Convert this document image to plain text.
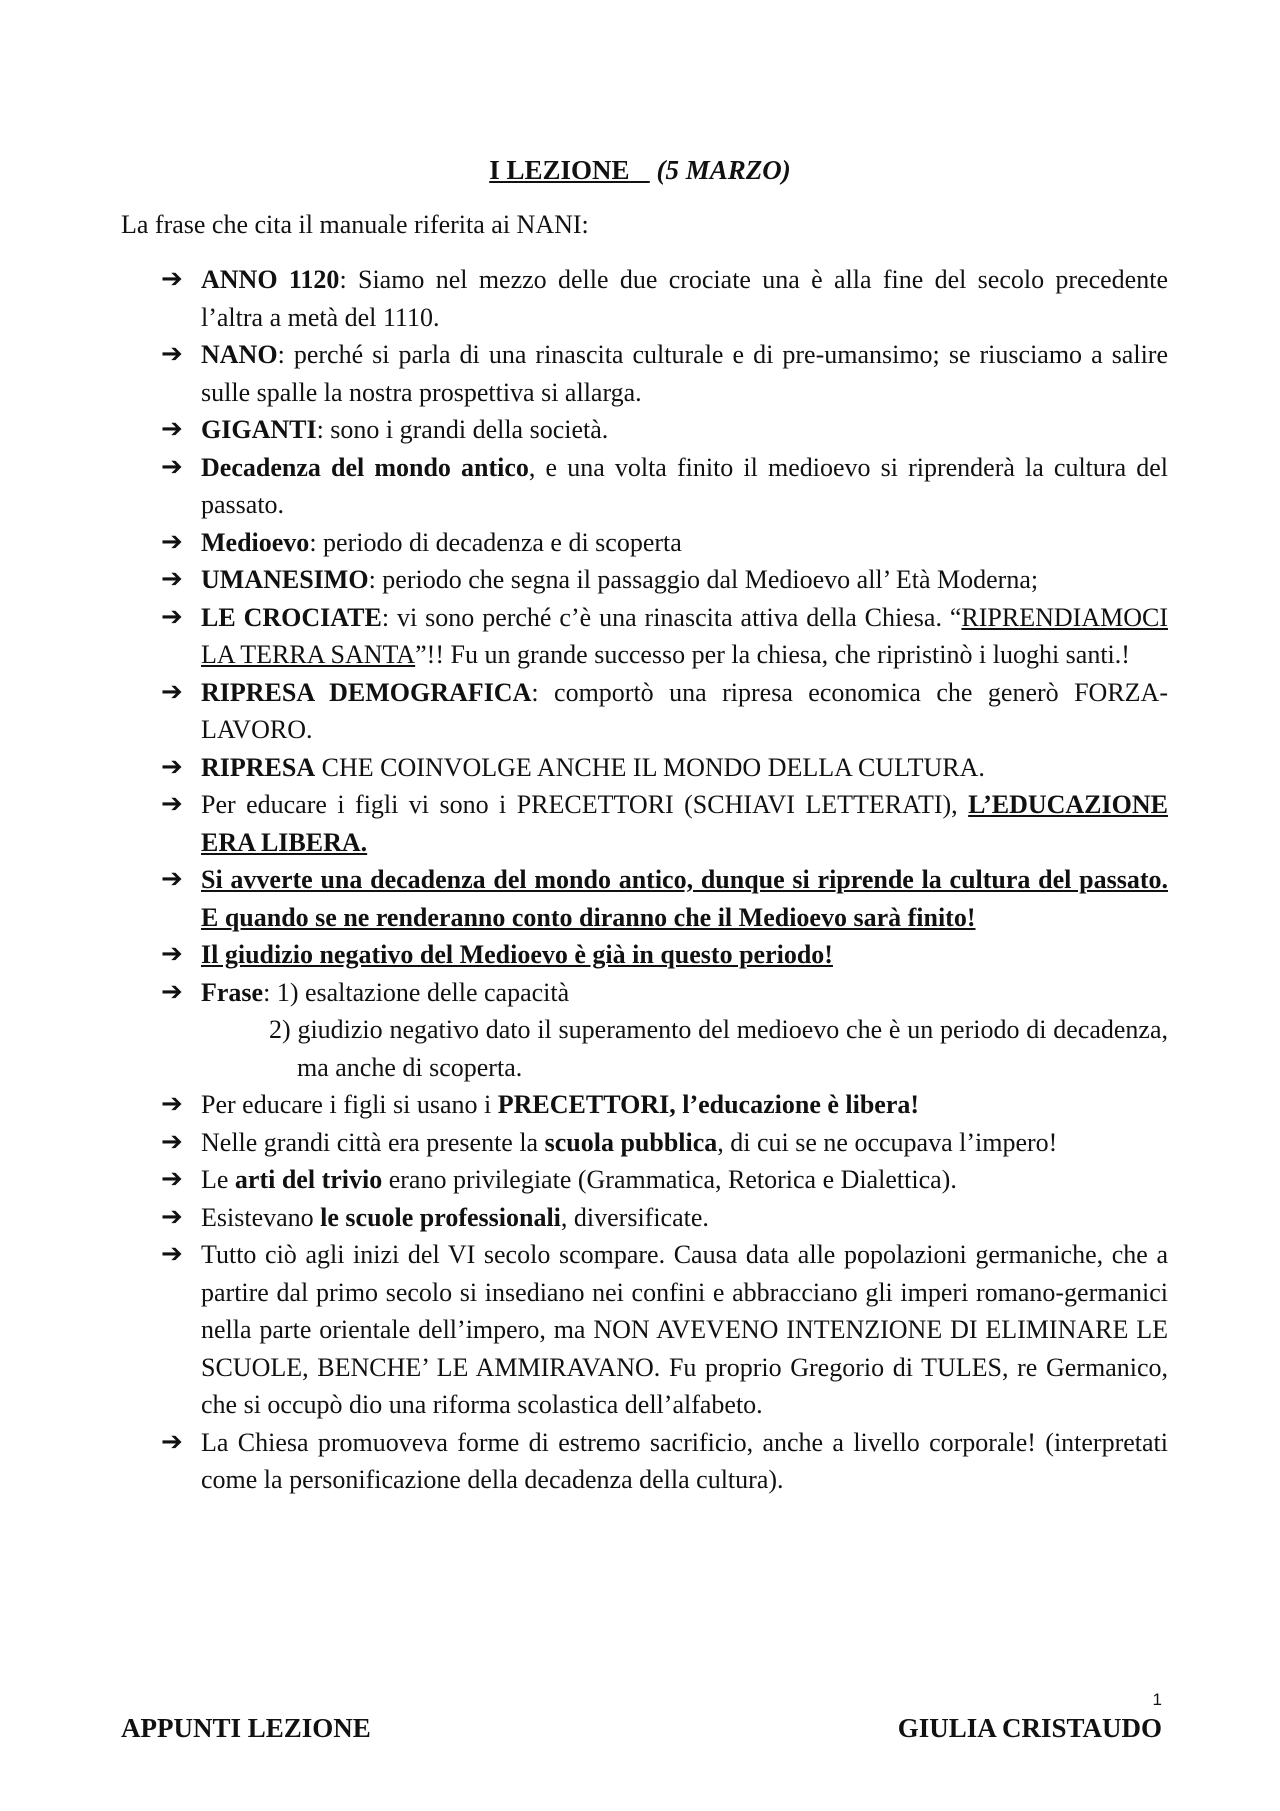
I LEZIONE (5 MARZO)
La frase che cita il manuale riferita ai NANI:
➔ ANNO 1120: Siamo nel mezzo delle due crociate una è alla fine del secolo precedente l’altra a metà del 1110.
➔ NANO: perché si parla di una rinascita culturale e di pre-umansimo; se riusciamo a salire sulle spalle la nostra prospettiva si allarga.
➔ GIGANTI: sono i grandi della società.
➔ Decadenza del mondo antico, e una volta finito il medioevo si riprenderà la cultura del passato.
➔ Medioevo: periodo di decadenza e di scoperta
➔ UMANESIMO: periodo che segna il passaggio dal Medioevo all’ Età Moderna;
➔ LE CROCIATE: vi sono perché c’è una rinascita attiva della Chiesa. “RIPRENDIAMOCI LA TERRA SANTA”!! Fu un grande successo per la chiesa, che ripristinò i luoghi santi.!
➔ RIPRESA DEMOGRAFICA: comportò una ripresa economica che generò FORZA-LAVORO.
➔ RIPRESA CHE COINVOLGE ANCHE IL MONDO DELLA CULTURA.
➔ Per educare i figli vi sono i PRECETTORI (SCHIAVI LETTERATI), L’EDUCAZIONE ERA LIBERA.
➔ Si avverte una decadenza del mondo antico, dunque si riprende la cultura del passato. E quando se ne renderanno conto diranno che il Medioevo sarà finito!
➔ Il giudizio negativo del Medioevo è già in questo periodo!
➔ Frase: 1) esaltazione delle capacità
2) giudizio negativo dato il superamento del medioevo che è un periodo di decadenza, ma anche di scoperta.
➔ Per educare i figli si usano i PRECETTORI, l’educazione è libera!
➔ Nelle grandi città era presente la scuola pubblica, di cui se ne occupava l’impero!
➔ Le arti del trivio erano privilegiate (Grammatica, Retorica e Dialettica).
➔ Esistevano le scuole professionali, diversificate.
➔ Tutto ciò agli inizi del VI secolo scompare. Causa data alle popolazioni germaniche, che a partire dal primo secolo si insediano nei confini e abbracciano gli imperi romano-germanici nella parte orientale dell’impero, ma NON AVEVENO INTENZIONE DI ELIMINARE LE SCUOLE, BENCHE’ LE AMMIRAVANO. Fu proprio Gregorio di TULES, re Germanico, che si occupò dio una riforma scolastica dell’alfabeto.
➔ La Chiesa promuoveva forme di estremo sacrificio, anche a livello corporale! (interpretati come la personificazione della decadenza della cultura).
1
APPUNTI LEZIONE	GIULIA CRISTAUDO
